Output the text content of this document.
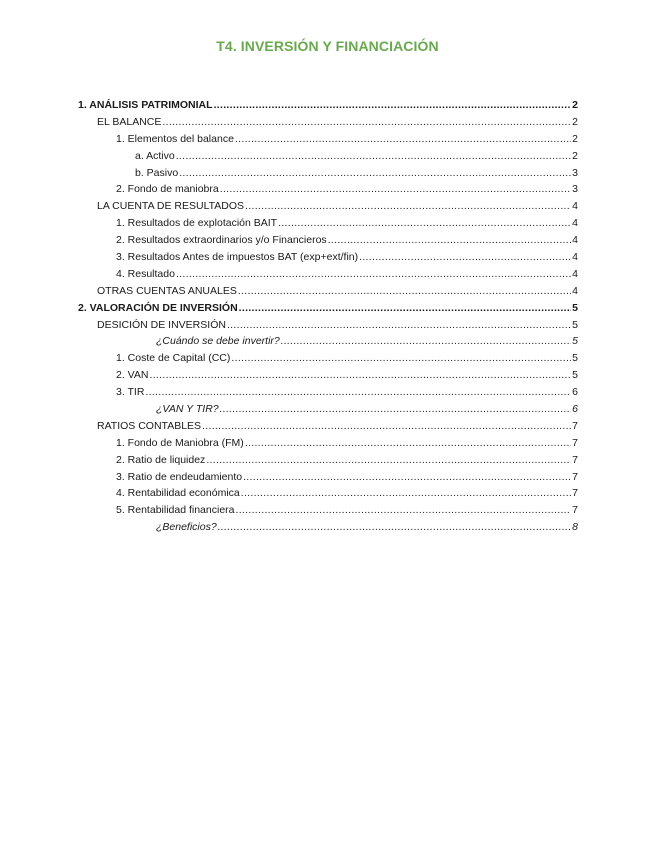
T4. INVERSIÓN Y FINANCIACIÓN
1. ANÁLISIS PATRIMONIAL .....	2
EL BALANCE .....	2
1. Elementos del balance .....	2
a. Activo .....	2
b. Pasivo .....	3
2. Fondo de maniobra .....	3
LA CUENTA DE RESULTADOS .....	4
1. Resultados de explotación BAIT .....	4
2. Resultados extraordinarios y/o Financieros .....	4
3. Resultados Antes de impuestos BAT (exp+ext/fin) .....	4
4. Resultado .....	4
OTRAS CUENTAS ANUALES .....	4
2. VALORACIÓN DE INVERSIÓN .....	5
DESICIÓN DE INVERSIÓN .....	5
¿Cuándo se debe invertir? .....	5
1. Coste de Capital (CC) .....	5
2. VAN .....	5
3. TIR .....	6
¿VAN Y TIR? .....	6
RATIOS CONTABLES .....	7
1. Fondo de Maniobra (FM) .....	7
2. Ratio de liquidez .....	7
3. Ratio de endeudamiento .....	7
4. Rentabilidad económica .....	7
5. Rentabilidad financiera .....	7
¿Beneficios? .....	8
